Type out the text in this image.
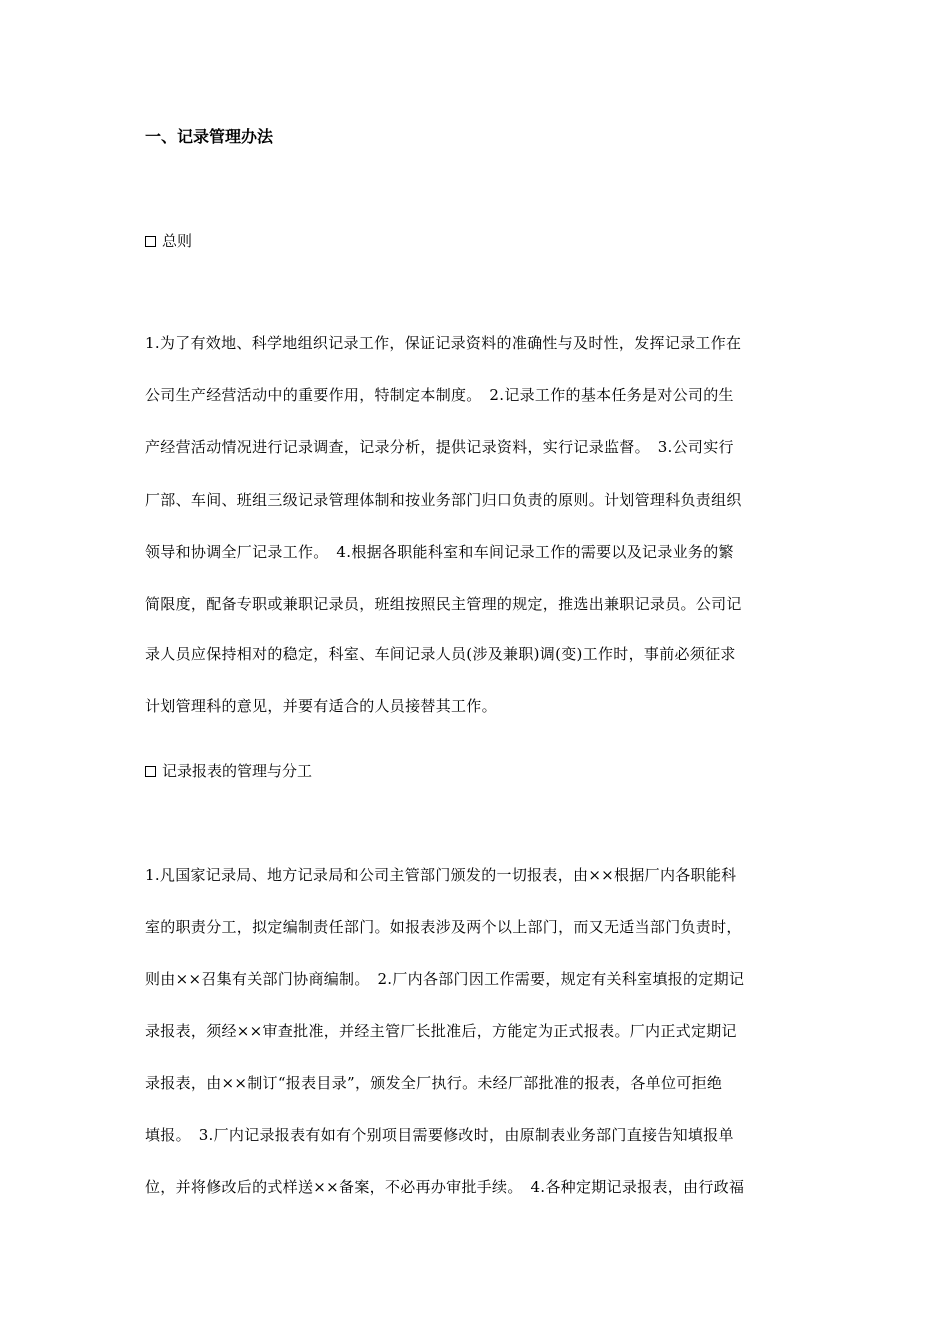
一、记录管理办法
总则
1.为了有效地、科学地组织记录工作，保证记录资料的准确性与及时性，发挥记录工作在
公司生产经营活动中的重要作用，特制定本制度。　2.记录工作的基本任务是对公司的生
产经营活动情况进行记录调查，记录分析，提供记录资料，实行记录监督。　3.公司实行
厂部、车间、班组三级记录管理体制和按业务部门归口负责的原则。计划管理科负责组织
领导和协调全厂记录工作。　4.根据各职能科室和车间记录工作的需要以及记录业务的繁
简限度，配备专职或兼职记录员，班组按照民主管理的规定，推选出兼职记录员。公司记
录人员应保持相对的稳定，科室、车间记录人员(涉及兼职)调(变)工作时，事前必须征求
计划管理科的意见，并要有适合的人员接替其工作。
记录报表的管理与分工
1.凡国家记录局、地方记录局和公司主管部门颁发的一切报表，由××根据厂内各职能科
室的职责分工，拟定编制责任部门。如报表涉及两个以上部门，而又无适当部门负责时，
则由××召集有关部门协商编制。　2.厂内各部门因工作需要，规定有关科室填报的定期记
录报表，须经××审查批准，并经主管厂长批准后，方能定为正式报表。厂内正式定期记
录报表，由××制订“报表目录”，颁发全厂执行。未经厂部批准的报表，各单位可拒绝
填报。　3.厂内记录报表有如有个别项目需要修改时，由原制表业务部门直接告知填报单
位，并将修改后的式样送××备案，不必再办审批手续。　4.各种定期记录报表，由行政福
